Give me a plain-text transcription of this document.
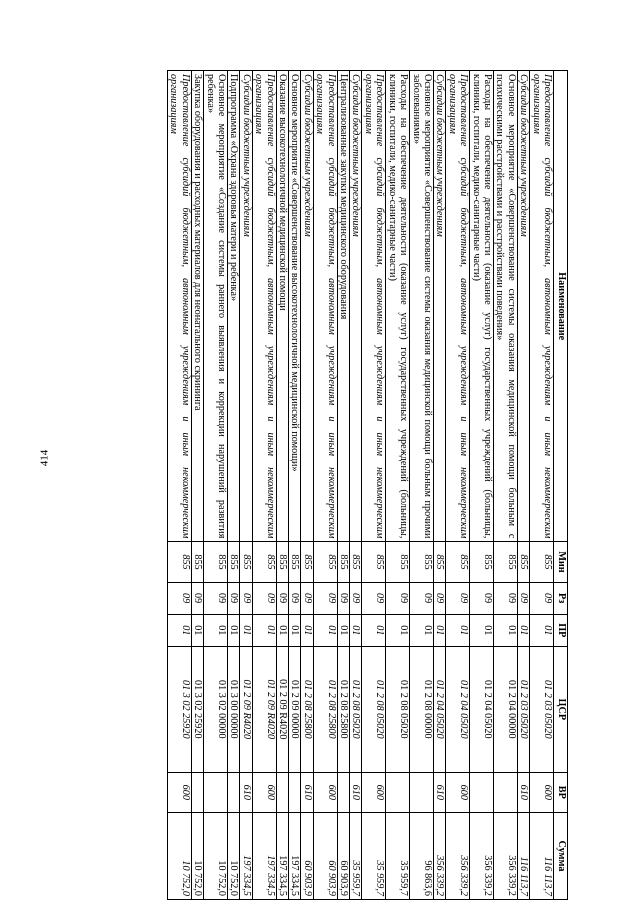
414
Наименование	Мин	Рз	ПР	ЦСР	ВР	Сумма
Предоставление субсидий бюджетным, автономным учреждениям и иным некоммерческим организациям	855	09	01	01 2 03 05020	600	116 113,7
Субсидии бюджетным учреждениям	855	09	01	01 2 03 05020	610	116 113,7
Основное мероприятие «Совершенствование системы оказания медицинской помощи больным с психическими расстройствами и расстройствами поведения»	855	09	01	01 2 04 00000		356 339,2
Расходы на обеспечение деятельности (оказание услуг) государственных учреждений (больницы, клиники, госпитали, медико-санитарные части)	855	09	01	01 2 04 05020		356 339,2
Предоставление субсидий бюджетным, автономным учреждениям и иным некоммерческим организациям	855	09	01	01 2 04 05020	600	356 339,2
Субсидии бюджетным учреждениям	855	09	01	01 2 04 05020	610	356 339,2
Основное мероприятие «Совершенствование системы оказания медицинской помощи больным прочими заболеваниями»	855	09	01	01 2 08 00000		96 863,6
Расходы на обеспечение деятельности (оказание услуг) государственных учреждений (больницы, клиники, госпитали, медико-санитарные части)	855	09	01	01 2 08 05020		35 959,7
Предоставление субсидий бюджетным, автономным учреждениям и иным некоммерческим организациям	855	09	01	01 2 08 05020	600	35 959,7
Субсидии бюджетным учреждениям	855	09	01	01 2 08 05020	610	35 959,7
Централизованные закупки медицинского оборудования	855	09	01	01 2 08 25800		60 903,9
Предоставление субсидий бюджетным, автономным учреждениям и иным некоммерческим организациям	855	09	01	01 2 08 25800	600	60 903,9
Субсидии бюджетным учреждениям	855	09	01	01 2 08 25800	610	60 903,9
Основное мероприятие «Совершенствование высокотехнологичной медицинской помощи»	855	09	01	01 2 09 00000		197 334,5
Оказание высокотехнологичной медицинской помощи	855	09	01	01 2 09 R4020		197 334,5
Предоставление субсидий бюджетным, автономным учреждениям и иным некоммерческим организациям	855	09	01	01 2 09 R4020	600	197 334,5
Субсидии бюджетным учреждениям	855	09	01	01 2 09 R4020	610	197 334,5
Подпрограмма «Охрана здоровья матери и ребенка»	855	09	01	01 3 00 00000		10 752,0
Основное мероприятие «Создание системы раннего выявления и коррекции нарушений развития ребенка»	855	09	01	01 3 02 00000		10 752,0
Закупка оборудования и расходных материалов для неонатального скрининга	855	09	01	01 3 02 25920		10 752,0
Предоставление субсидий бюджетным, автономным учреждениям и иным некоммерческим организациям	855	09	01	01 3 02 25920	600	10 752,0
